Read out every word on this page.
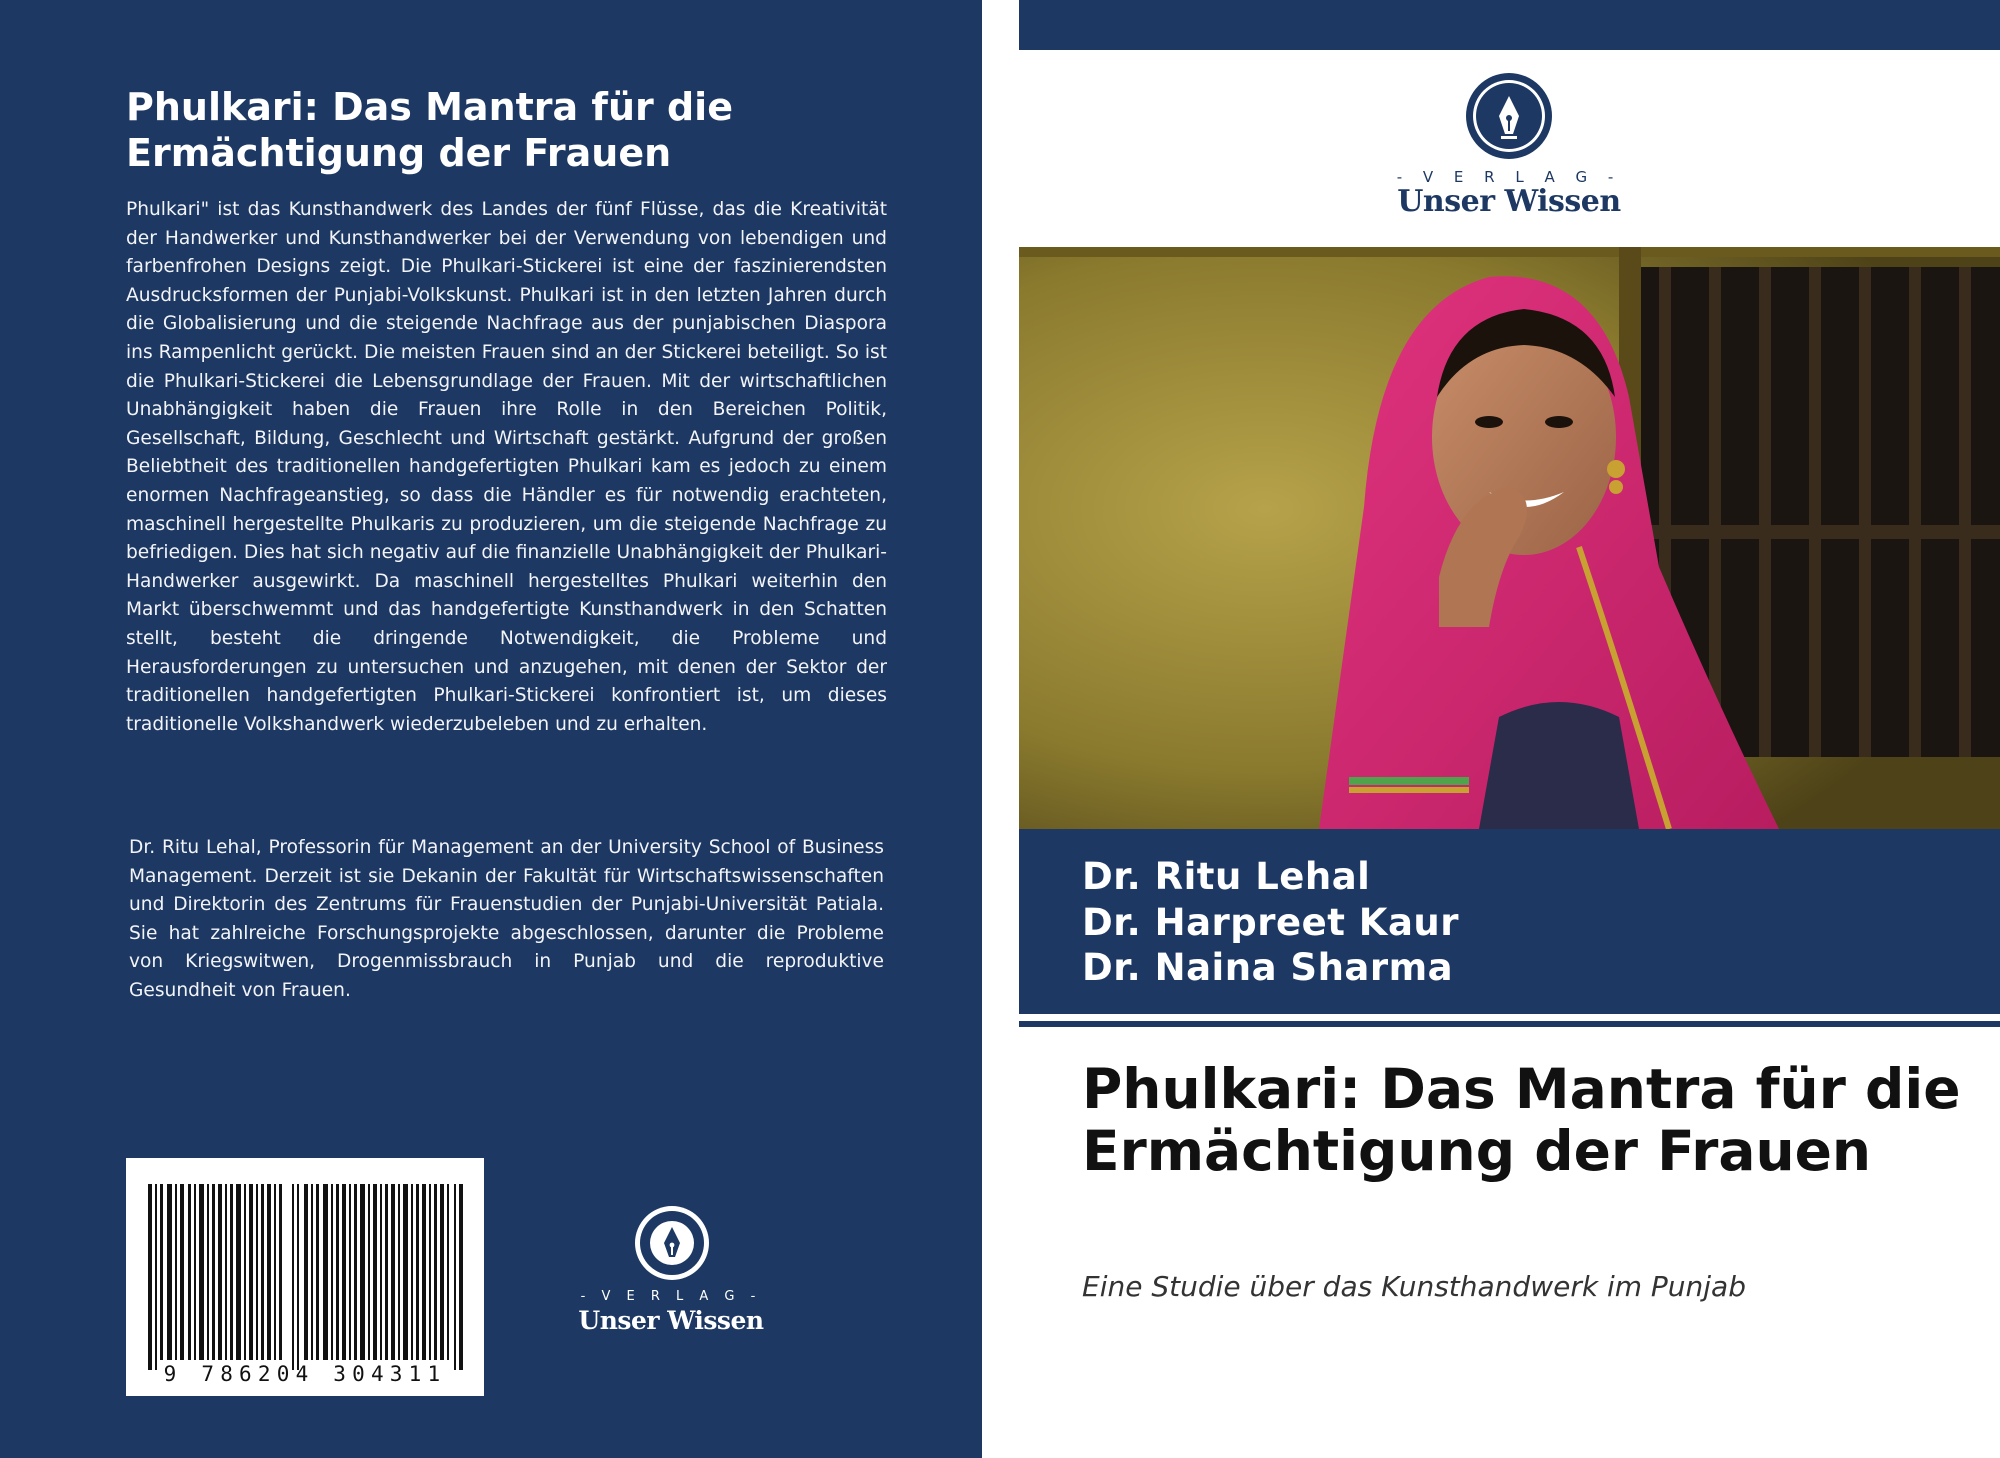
Phulkari: Das Mantra für die Ermächtigung der Frauen

Phulkari" ist das Kunsthandwerk des Landes der fünf Flüsse, das die Kreativität der Handwerker und Kunsthandwerker bei der Verwendung von lebendigen und farbenfrohen Designs zeigt. Die Phulkari-Stickerei ist eine der faszinierendsten Ausdrucksformen der Punjabi-Volkskunst. Phulkari ist in den letzten Jahren durch die Globalisierung und die steigende Nachfrage aus der punjabischen Diaspora ins Rampenlicht gerückt. Die meisten Frauen sind an der Stickerei beteiligt. So ist die Phulkari-Stickerei die Lebensgrundlage der Frauen. Mit der wirtschaftlichen Unabhängigkeit haben die Frauen ihre Rolle in den Bereichen Politik, Gesellschaft, Bildung, Geschlecht und Wirtschaft gestärkt. Aufgrund der großen Beliebtheit des traditionellen handgefertigten Phulkari kam es jedoch zu einem enormen Nachfrageanstieg, so dass die Händler es für notwendig erachteten, maschinell hergestellte Phulkaris zu produzieren, um die steigende Nachfrage zu befriedigen. Dies hat sich negativ auf die finanzielle Unabhängigkeit der Phulkari-Handwerker ausgewirkt. Da maschinell hergestelltes Phulkari weiterhin den Markt überschwemmt und das handgefertigte Kunsthandwerk in den Schatten stellt, besteht die dringende Notwendigkeit, die Probleme und Herausforderungen zu untersuchen und anzugehen, mit denen der Sektor der traditionellen handgefertigten Phulkari-Stickerei konfrontiert ist, um dieses traditionelle Volkshandwerk wiederzubeleben und zu erhalten.

Dr. Ritu Lehal, Professorin für Management an der University School of Business Management. Derzeit ist sie Dekanin der Fakultät für Wirtschaftswissenschaften und Direktorin des Zentrums für Frauenstudien der Punjabi-Universität Patiala. Sie hat zahlreiche Forschungsprojekte abgeschlossen, darunter die Probleme von Kriegswitwen, Drogenmissbrauch in Punjab und die reproduktive Gesundheit von Frauen.

9 786204 304311
- V E R L A G -
Unser Wissen
- V E R L A G -
Unser Wissen

Dr. Ritu Lehal

Dr. Harpreet Kaur

Dr. Naina Sharma

Phulkari: Das Mantra für die Ermächtigung der Frauen

Eine Studie über das Kunsthandwerk im Punjab
